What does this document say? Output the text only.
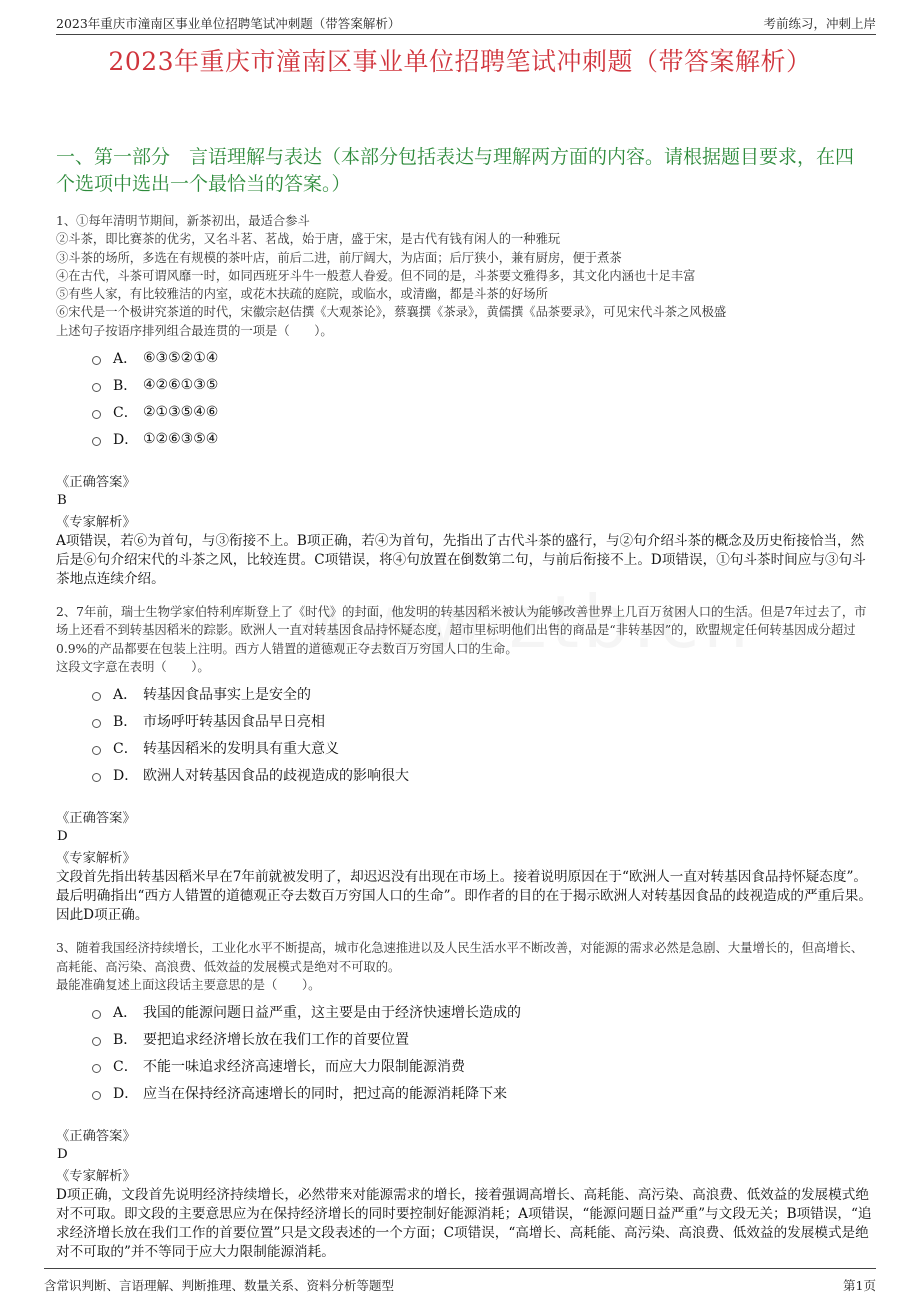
2023年重庆市潼南区事业单位招聘笔试冲刺题（带答案解析）	考前练习，冲刺上岸
2023年重庆市潼南区事业单位招聘笔试冲刺题（带答案解析）
一、第一部分　言语理解与表达（本部分包括表达与理解两方面的内容。请根据题目要求，在四个选项中选出一个最恰当的答案。）

1、①每年清明节期间，新茶初出，最适合参斗

②斗茶，即比赛茶的优劣，又名斗茗、茗战，始于唐，盛于宋，是古代有钱有闲人的一种雅玩

③斗茶的场所，多选在有规模的茶叶店，前后二进，前厅阔大，为店面；后厅狭小，兼有厨房，便于煮茶

④在古代，斗茶可谓风靡一时，如同西班牙斗牛一般惹人眷爱。但不同的是，斗茶要文雅得多，其文化内涵也十足丰富

⑤有些人家，有比较雅洁的内室，或花木扶疏的庭院，或临水，或清幽，都是斗茶的好场所

⑥宋代是一个极讲究茶道的时代，宋徽宗赵佶撰《大观茶论》，蔡襄撰《茶录》，黄儒撰《品茶要录》，可见宋代斗茶之风极盛

上述句子按语序排列组合最连贯的一项是（　　）。

A． ⑥③⑤②①④
B． ④②⑥①③⑤
C． ②①③⑤④⑥
D． ①②⑥③⑤④
《正确答案》
B
《专家解析》

A项错误，若⑥为首句，与③衔接不上。B项正确，若④为首句，先指出了古代斗茶的盛行，与②句介绍斗茶的概念及历史衔接恰当，然后是⑥句介绍宋代的斗茶之风，比较连贯。C项错误，将④句放置在倒数第二句，与前后衔接不上。D项错误，①句斗茶时间应与③句斗茶地点连续介绍。

2、7年前，瑞士生物学家伯特利库斯登上了《时代》的封面，他发明的转基因稻米被认为能够改善世界上几百万贫困人口的生活。但是7年过去了，市场上还看不到转基因稻米的踪影。欧洲人一直对转基因食品持怀疑态度，超市里标明他们出售的商品是“非转基因”的，欧盟规定任何转基因成分超过0.9%的产品都要在包装上注明。西方人错置的道德观正夺去数百万穷国人口的生命。

这段文字意在表明（　　）。

A． 转基因食品事实上是安全的
B． 市场呼吁转基因食品早日亮相
C． 转基因稻米的发明具有重大意义
D． 欧洲人对转基因食品的歧视造成的影响很大
《正确答案》
D
《专家解析》

文段首先指出转基因稻米早在7年前就被发明了，却迟迟没有出现在市场上。接着说明原因在于“欧洲人一直对转基因食品持怀疑态度”。最后明确指出“西方人错置的道德观正夺去数百万穷国人口的生命”。即作者的目的在于揭示欧洲人对转基因食品的歧视造成的严重后果。因此D项正确。

3、随着我国经济持续增长，工业化水平不断提高，城市化急速推进以及人民生活水平不断改善，对能源的需求必然是急剧、大量增长的，但高增长、高耗能、高污染、高浪费、低效益的发展模式是绝对不可取的。

最能准确复述上面这段话主要意思的是（　　）。

A． 我国的能源问题日益严重，这主要是由于经济快速增长造成的
B． 要把追求经济增长放在我们工作的首要位置
C． 不能一味追求经济高速增长，而应大力限制能源消费
D． 应当在保持经济高速增长的同时，把过高的能源消耗降下来
《正确答案》
D
《专家解析》

D项正确，文段首先说明经济持续增长，必然带来对能源需求的增长，接着强调高增长、高耗能、高污染、高浪费、低效益的发展模式绝对不可取。即文段的主要意思应为在保持经济增长的同时要控制好能源消耗；A项错误，“能源问题日益严重”与文段无关；B项错误，“追求经济增长放在我们工作的首要位置”只是文段表述的一个方面；C项错误，“高增长、高耗能、高污染、高浪费、低效益的发展模式是绝对不可取的”并不等同于应大力限制能源消耗。

含常识判断、言语理解、判断推理、数量关系、资料分析等题型	第1页
